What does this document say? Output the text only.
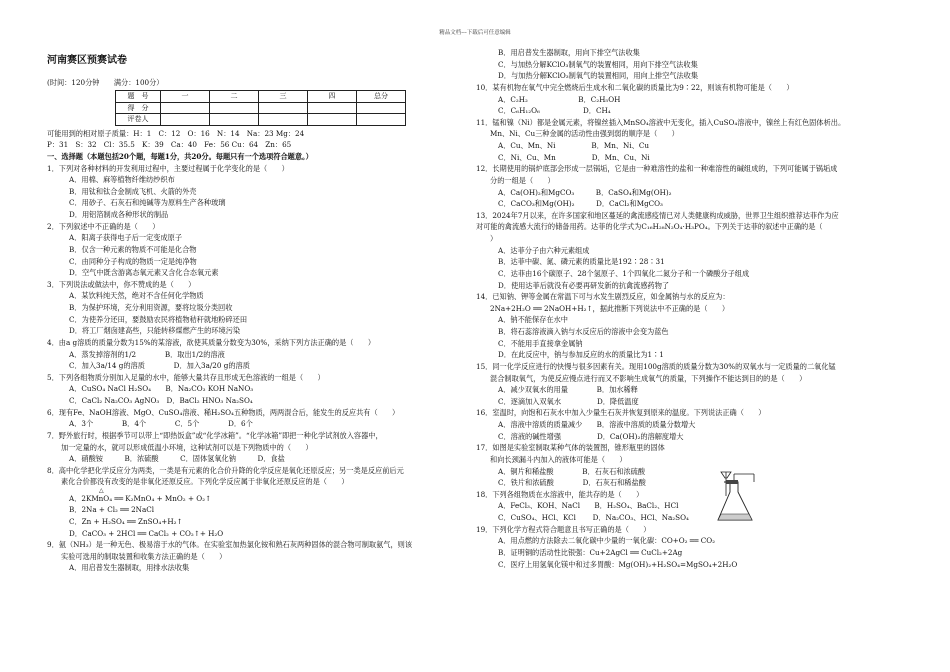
精品文档---下载后可任意编辑
河南赛区预赛试卷
(时间：120分钟　　满分：100分）
题　号	一	二	三	四	总分
得　分					
评卷人					
可能用到的相对原子质量：H：1　C：12　O：16　N：14　Na：23 Mg：24
P：31　S：32　Cl：35.5　K：39　Ca：40　Fe：56 Cu：64　Zn：65
一、选择题（本题包括20个题，每题1分，共20分。每题只有一个选项符合题意。）
1．下列对各种材料的开发利用过程中，主要过程属于化学变化的是（　　）
A．用棉、麻等植物纤维纺纱织布
B．用钛和钛合金制成飞机、火箭的外壳
C．用砂子、石灰石和纯碱等为原料生产各种玻璃
D．用铝箔制成各种形状的制品
2．下列叙述中不正确的是（　　）
A．阳离子获得电子后一定变成原子
B．仅含一种元素的物质不可能是化合物
C．由同种分子构成的物质一定是纯净物
D．空气中既含游离态氧元素又含化合态氧元素
3．下列说法或做法中，你不赞成的是（　　）
A．某饮料纯天然，绝对不含任何化学物质
B．为保护环境，充分利用资源，要将垃圾分类回收
C．为使养分还田，要鼓励农民将植物秸秆就地粉碎还田
D．将工厂烟囱建高些，只能转移煤燃产生的环境污染
4．由a g溶质的质量分数为15%的某溶液，欲使其质量分数变为30%，采纳下列方法正确的是（　　）
A．蒸发掉溶剂的1/2　　　　B．取出1/2的溶液
C．加入3a/14 g的溶质　　　　D．加入3a/20 g的溶质
5．下列各组物质分别加入足量的水中，能够大量共存且形成无色溶液的一组是（　　）
A．CuSO₄ NaCl H₂SO₄　　B．Na₂CO₃ KOH NaNO₃
C．CaCl₂ Na₂CO₃ AgNO₃　D．BaCl₂ HNO₃ Na₂SO₄
6．现有Fe、NaOH溶液、MgO、CuSO₄溶液、稀H₂SO₄五种物质，两两混合后，能发生的反应共有（　　）
A．3个　　　　B．4个　　　　C．5个　　　　D．6个
7．野外旅行时，根据季节可以带上“即热饭盒”或“化学冰箱”。“化学冰箱”即把一种化学试剂放入容器中，
加一定量的水，就可以形成低温小环境，这种试剂可以是下列物质中的（　　）
A．硝酸铵　　　B．浓硫酸　　　C．固体氢氧化钠　　　D．食盐
8．高中化学把化学反应分为两类，一类是有元素的化合价升降的化学反应是氧化还原反应；另一类是反应前后元
素化合价都没有改变的是非氧化还原反应。下列化学反应属于非氧化还原反应的是（　　）
△
A．2KMnO₄ ══ K₂MnO₄ + MnO₂ + O₂↑
B．2Na + Cl₂ ══ 2NaCl
C．Zn + H₂SO₄ ══ ZnSO₄+H₂↑
D．CaCO₃ + 2HCl ══ CaCl₂ + CO₂↑+ H₂O
9．氨（NH₃）是一种无色、极易溶于水的气体。在实验室加热氯化铵和熟石灰两种固体的混合物可制取氨气，则该
实验可选用的制取装置和收集方法正确的是（　　）
A．用启普发生器制取，用排水法收集
B．用启普发生器制取，用向下排空气法收集
C．与加热分解KClO₃制氧气的装置相同，用向下排空气法收集
D．与加热分解KClO₃制氧气的装置相同，用向上排空气法收集
10．某有机物在氧气中完全燃烧后生成水和二氧化碳的质量比为9∶22，则该有机物可能是（　　）
A．C₂H₂　　　　　　　B．C₂H₅OH
C．C₆H₁₂O₆　　　　　　D．CH₄
11．锰和镍（Ni）都是金属元素，将镍丝插入MnSO₄溶液中无变化，插入CuSO₄溶液中，镍丝上有红色固体析出。
Mn、Ni、Cu三种金属的活动性由强到弱的顺序是（　　）
A．Cu、Mn、Ni　　　　　B．Mn、Ni、Cu
C．Ni、Cu、Mn　　　　　D．Mn、Cu、Ni
12．长期使用的锅炉底部会形成一层锅垢，它是由一种难溶性的盐和一种难溶性的碱组成的，下列可能属于锅垢成
分的一组是（　　）
A．Ca(OH)₂和MgCO₃　　　B．CaSO₄和Mg(OH)₂
C．CaCO₃和Mg(OH)₂　　　D．CaCl₂和MgCO₃
13．2024年7月以来，在许多国家和地区蔓延的禽流感疫情已对人类健康构成威胁，世界卫生组织推荐达菲作为应
对可能的禽流感大流行的储备用药。达菲的化学式为C₁₆H₂₈N₂O₄·H₃PO₄。下列关于达菲的叙述中正确的是（
）
A．达菲分子由六种元素组成
B．达菲中碳、氮、磷元素的质量比是192∶28∶31
C．达菲由16个碳原子、28个氢原子、1个四氧化二氮分子和一个磷酸分子组成
D．使用达菲后就没有必要再研发新的抗禽流感药物了
14．已知钠、钾等金属在常温下可与水发生剧烈反应，如金属钠与水的反应为：
2Na+2H₂O ══ 2NaOH+H₂↑，据此推断下列说法中不正确的是（　　）
A．钠不能保存在水中
B．将石蕊溶液滴入钠与水反应后的溶液中会变为蓝色
C．不能用手直接拿金属钠
D．在此反应中，钠与参加反应的水的质量比为1∶1
15．同一化学反应进行的快慢与很多因素有关。现用100g溶质的质量分数为30%的双氧水与一定质量的二氧化锰
混合制取氧气，为使反应慢点进行而又不影响生成氧气的质量，下列操作不能达到目的的是（　　）
A．减少双氧水的用量　　　　B．加水稀释
C．逐滴加入双氧水　　　　　D．降低温度
16．室温时，向饱和石灰水中加入少量生石灰并恢复到原来的温度。下列说法正确（　　）
A．溶液中溶质的质量减少　　B．溶液中溶质的质量分数增大
C．溶液的碱性增强　　　　　D．Ca(OH)₂的溶解度增大
17．如图是实验室制取某种气体的装置图，锥形瓶里的固体
和向长颈漏斗内加入的液体可能是（　　）
A．铜片和稀盐酸　　　　B．石灰石和浓硫酸
C．铁片和浓硫酸　　　　D．石灰石和稀盐酸
18．下列各组物质在水溶液中，能共存的是（　　）
A．FeCl₃、KOH、NaCl　　B．H₂SO₄、BaCl₂、HCl
C．CuSO₄、HCl、KCl　　 D．Na₂CO₃、HCl、Na₂SO₄
19．下列化学方程式符合题意且书写正确的是（　　）
A．用点燃的方法除去二氧化碳中少量的一氧化碳：CO+O₂ ══ CO₂
B．证明铜的活动性比银强：Cu+2AgCl ══ CuCl₂+2Ag
C．医疗上用氢氧化镁中和过多胃酸：Mg(OH)₂+H₂SO₄=MgSO₄+2H₂O
